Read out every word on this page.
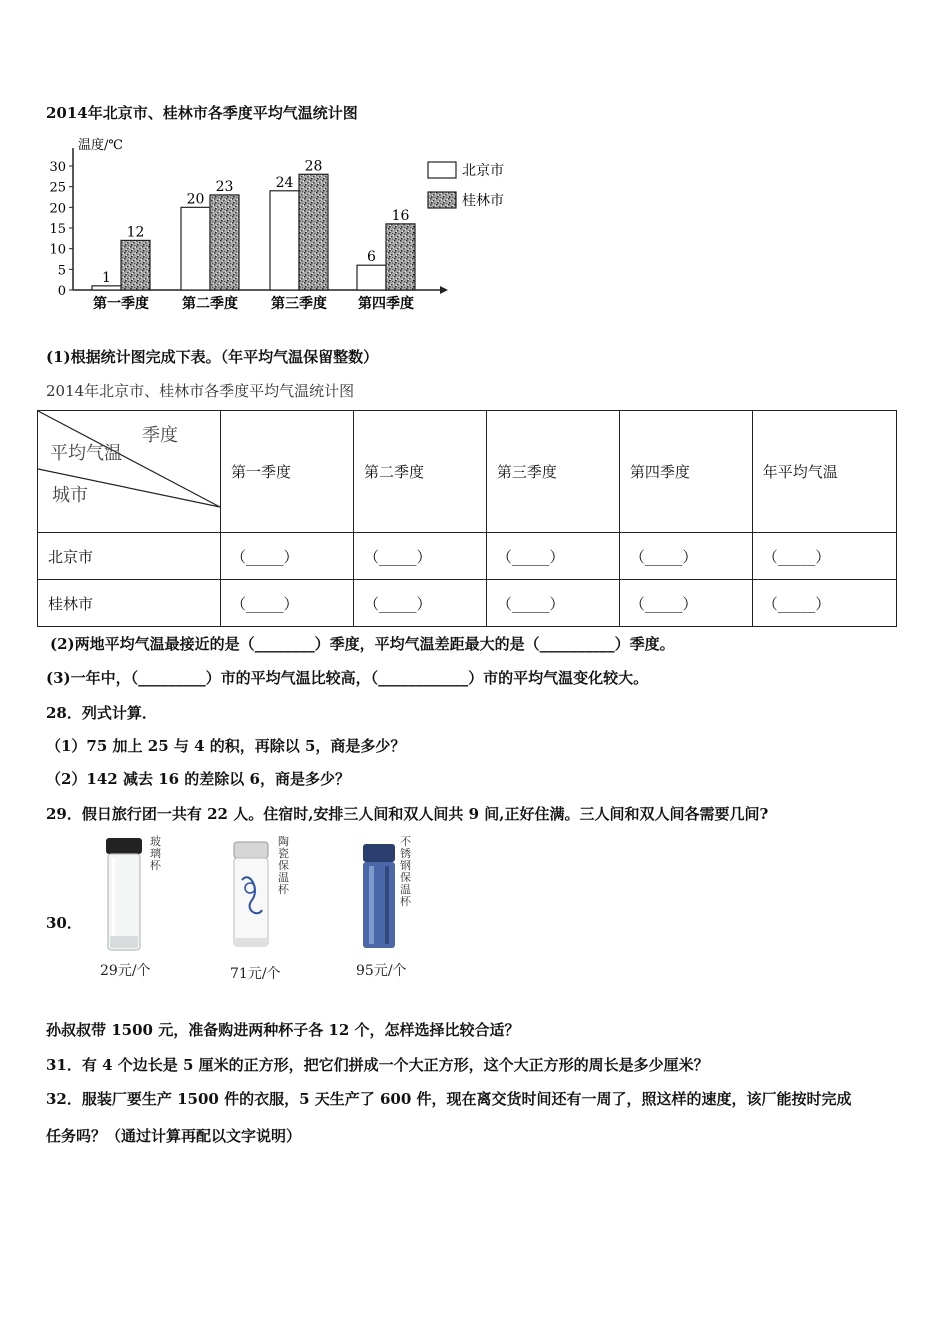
2014年北京市、桂林市各季度平均气温统计图
温度/℃
0
5
10
15
20
25
30
1
12
第一季度
20
23
第二季度
24
28
第三季度
6
16
第四季度
北京市
桂林市
(1)根据统计图完成下表。（年平均气温保留整数）
2014年北京市、桂林市各季度平均气温统计图
季度
平均气温
城市	第一季度	第二季度	第三季度	第四季度	年平均气温
北京市	（_____）	（_____）	（_____）	（_____）	（_____）
桂林市	（_____）	（_____）	（_____）	（_____）	（_____）
(2)两地平均气温最接近的是（________）季度，平均气温差距最大的是（__________）季度。
(3)一年中，（_________）市的平均气温比较高，（____________）市的平均气温变化较大。
28．列式计算．
（1）75 加上 25 与 4 的积，再除以 5，商是多少？
（2）142 减去 16 的差除以 6，商是多少？
29．假日旅行团一共有 22 人。住宿时,安排三人间和双人间共 9 间,正好住满。三人间和双人间各需要几间?
30．
玻
璃
杯
29元/个
陶
瓷
保
温
杯
71元/个
不
锈
钢
保
温
杯
95元/个
孙叔叔带 1500 元，准备购进两种杯子各 12 个，怎样选择比较合适？
31．有 4 个边长是 5 厘米的正方形，把它们拼成一个大正方形，这个大正方形的周长是多少厘米？
32．服装厂要生产 1500 件的衣服，5 天生产了 600 件，现在离交货时间还有一周了，照这样的速度，该厂能按时完成
任务吗？（通过计算再配以文字说明）
